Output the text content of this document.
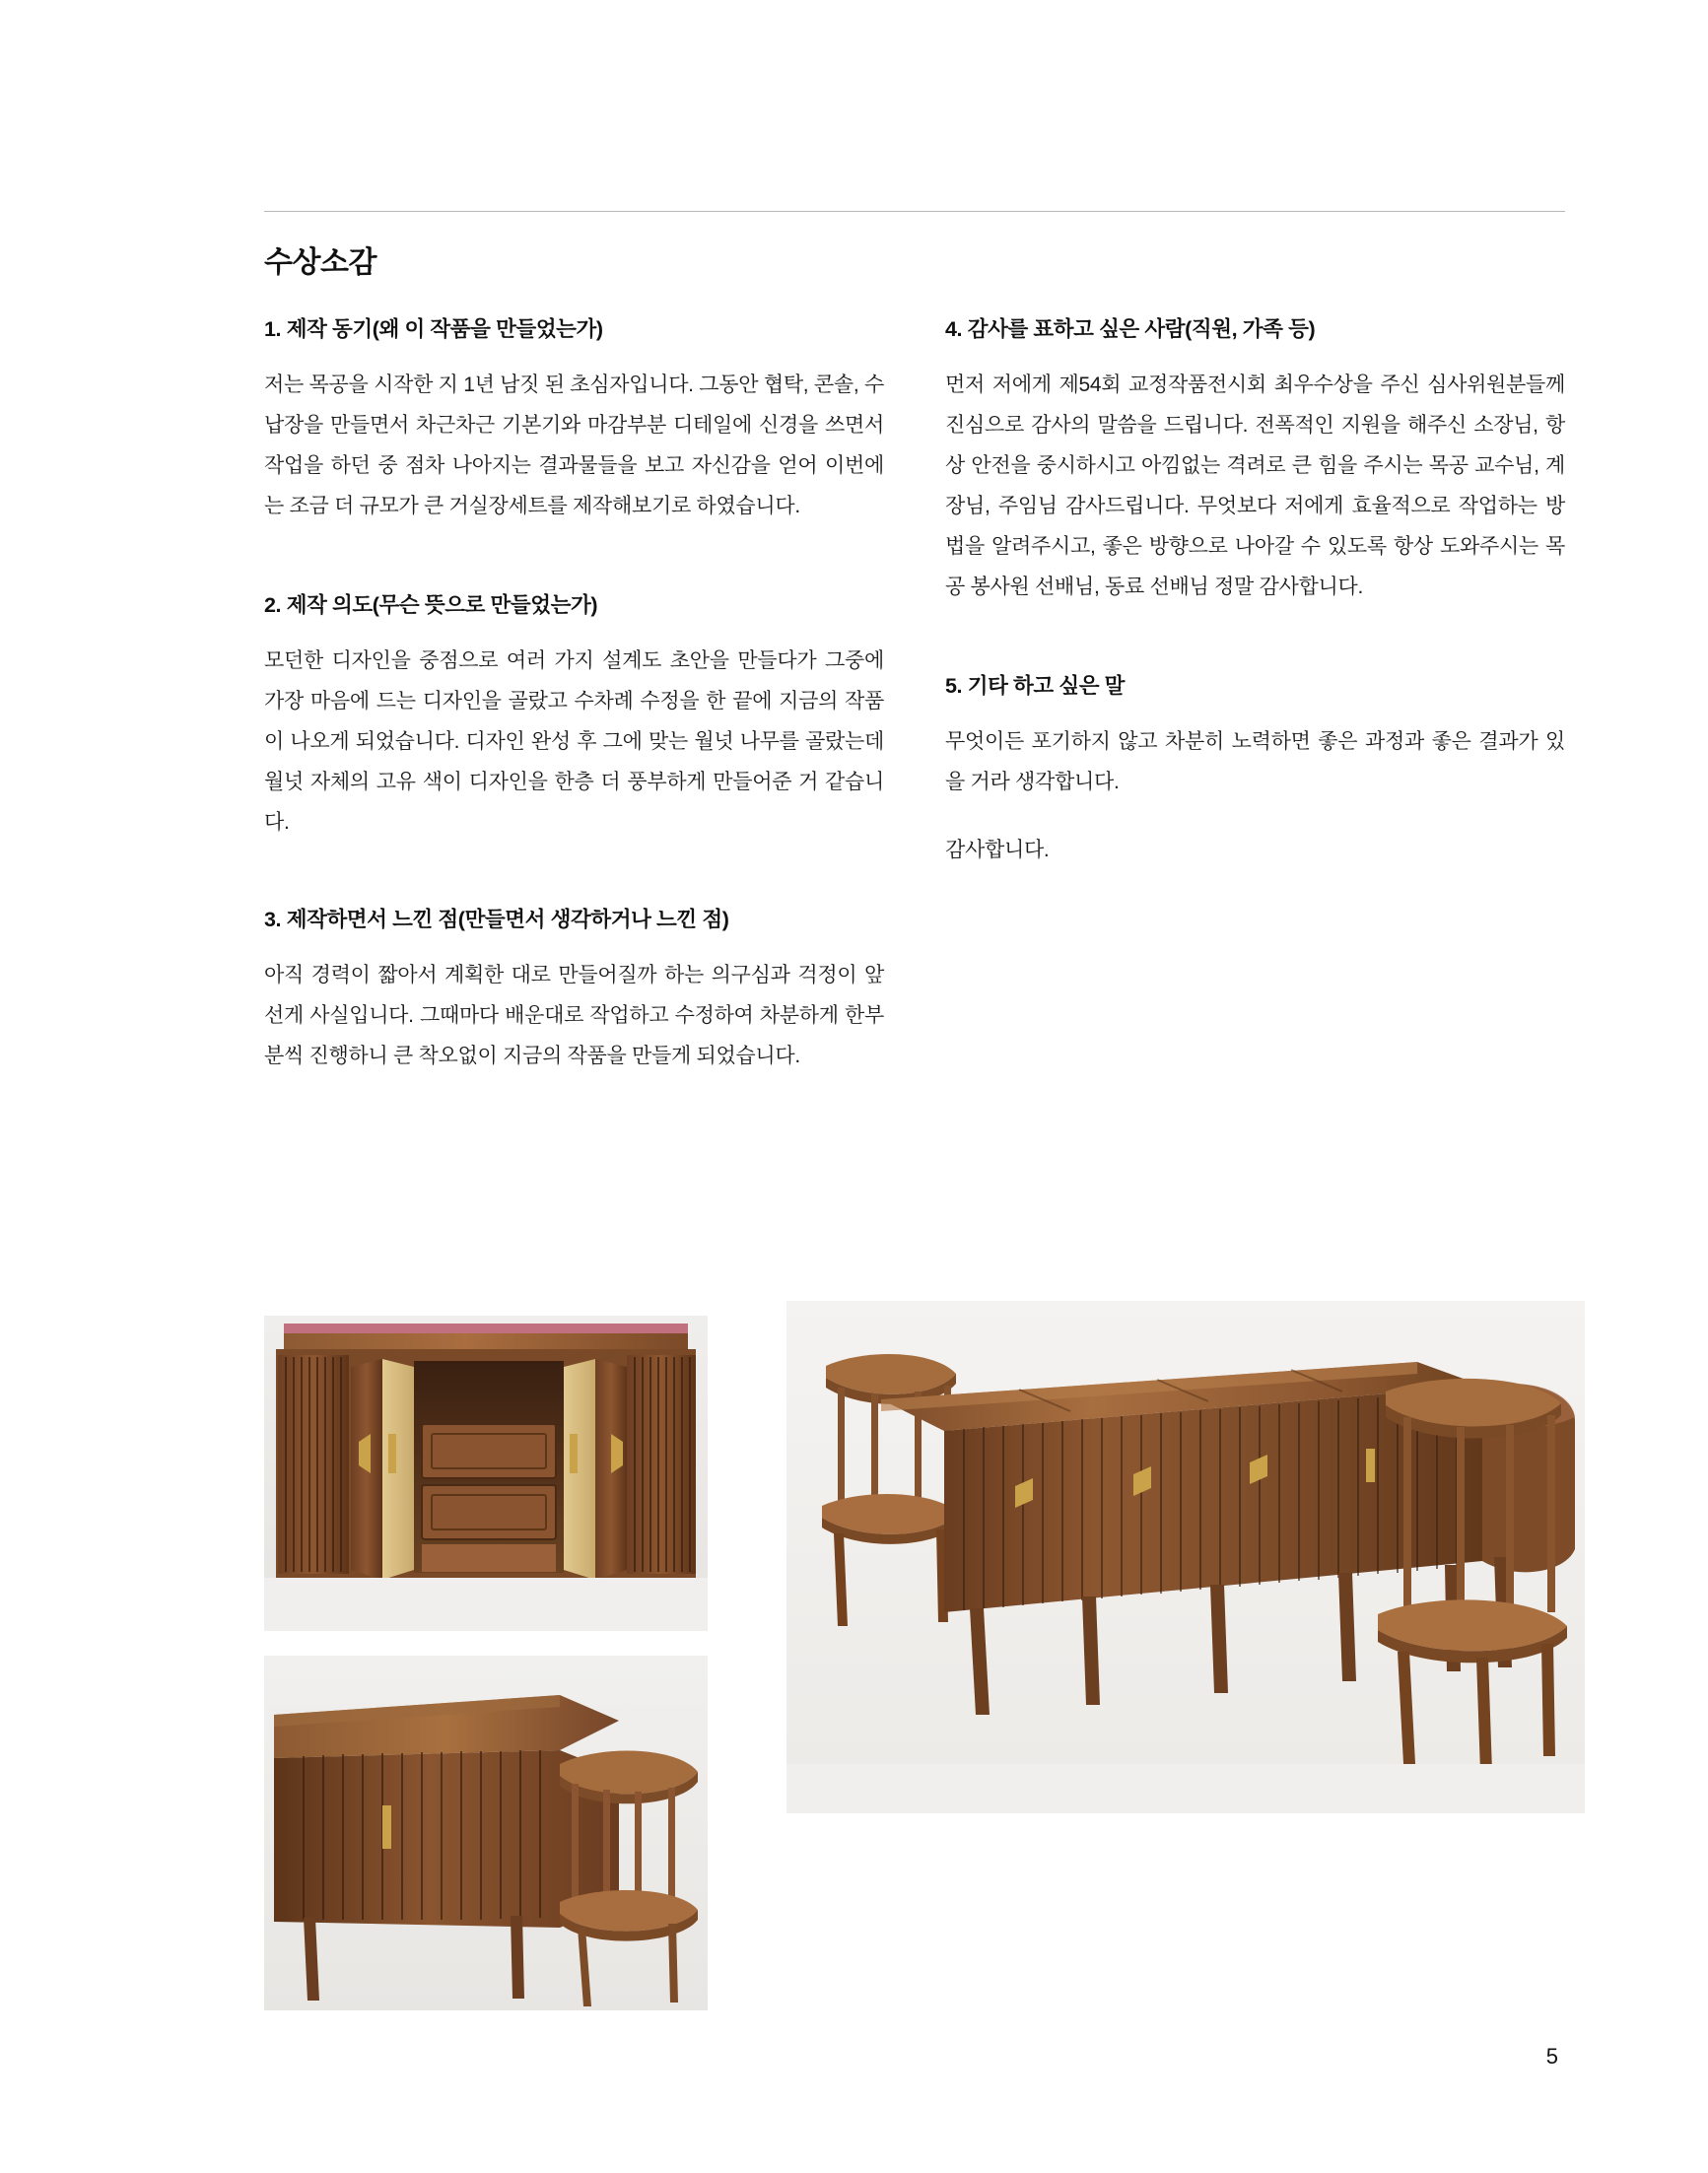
수상소감

1. 제작 동기(왜 이 작품을 만들었는가)

저는 목공을 시작한 지 1년 남짓 된 초심자입니다. 그동안 협탁, 콘솔, 수납장을 만들면서 차근차근 기본기와 마감부분 디테일에 신경을 쓰면서 작업을 하던 중 점차 나아지는 결과물들을 보고 자신감을 얻어 이번에는 조금 더 규모가 큰 거실장세트를 제작해보기로 하였습니다.

2. 제작 의도(무슨 뜻으로 만들었는가)

모던한 디자인을 중점으로 여러 가지 설계도 초안을 만들다가 그중에 가장 마음에 드는 디자인을 골랐고 수차례 수정을 한 끝에 지금의 작품이 나오게 되었습니다. 디자인 완성 후 그에 맞는 월넛 나무를 골랐는데 월넛 자체의 고유 색이 디자인을 한층 더 풍부하게 만들어준 거 같습니다.

3. 제작하면서 느낀 점(만들면서 생각하거나 느낀 점)

아직 경력이 짧아서 계획한 대로 만들어질까 하는 의구심과 걱정이 앞선게 사실입니다. 그때마다 배운대로 작업하고 수정하여 차분하게 한부분씩 진행하니 큰 착오없이 지금의 작품을 만들게 되었습니다.

4. 감사를 표하고 싶은 사람(직원, 가족 등)

먼저 저에게 제54회 교정작품전시회 최우수상을 주신 심사위원분들께 진심으로 감사의 말씀을 드립니다. 전폭적인 지원을 해주신 소장님, 항상 안전을 중시하시고 아낌없는 격려로 큰 힘을 주시는 목공 교수님, 계장님, 주임님 감사드립니다. 무엇보다 저에게 효율적으로 작업하는 방법을 알려주시고, 좋은 방향으로 나아갈 수 있도록 항상 도와주시는 목공 봉사원 선배님, 동료 선배님 정말 감사합니다.

5. 기타 하고 싶은 말

무엇이든 포기하지 않고 차분히 노력하면 좋은 과정과 좋은 결과가 있을 거라 생각합니다.

감사합니다.

5
